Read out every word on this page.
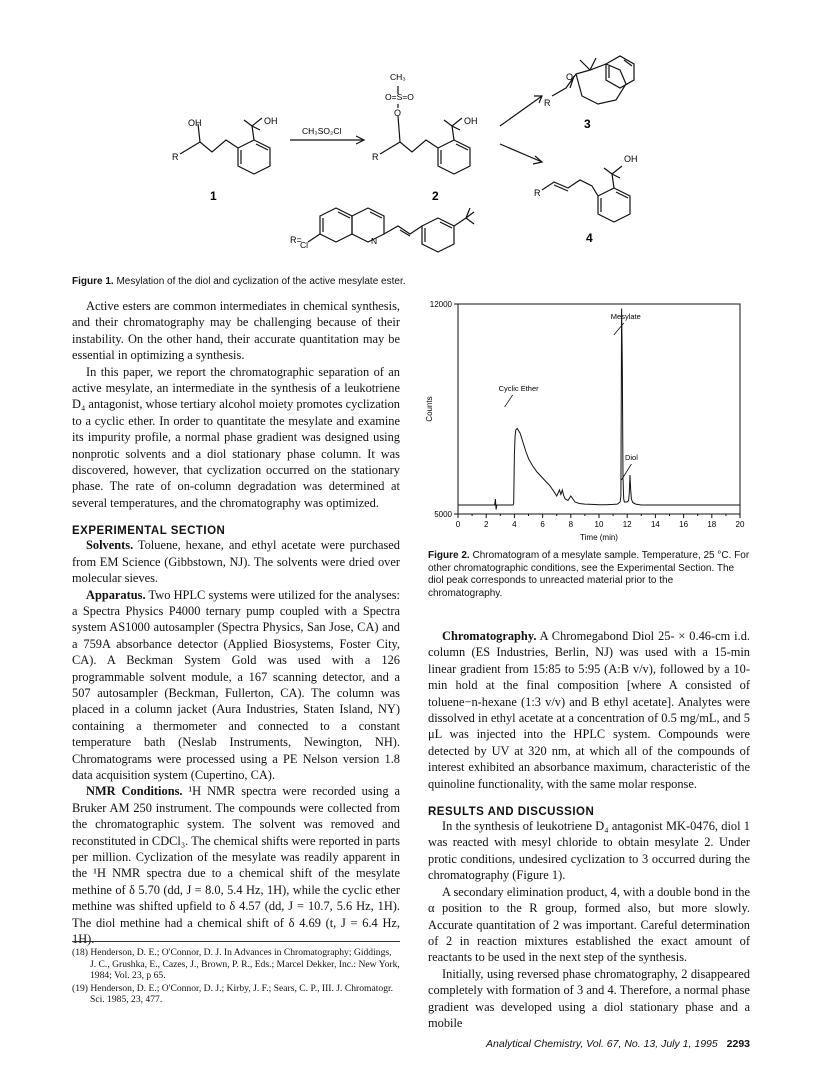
OH	OH
R
1
CH₃SO₂Cl
CH₃
O=S=O
O
OH
R
2
O
R
3
OH
R
4
R=
Cl	N
Figure 1. Mesylation of the diol and cyclization of the active mesylate ester.

Active esters are common intermediates in chemical synthesis, and their chromatography may be challenging because of their instability. On the other hand, their accurate quantitation may be essential in optimizing a synthesis.

In this paper, we report the chromatographic separation of an active mesylate, an intermediate in the synthesis of a leukotriene D₄ antagonist, whose tertiary alcohol moiety promotes cyclization to a cyclic ether. In order to quantitate the mesylate and examine its impurity profile, a normal phase gradient was designed using nonprotic solvents and a diol stationary phase column. It was discovered, however, that cyclization occurred on the stationary phase. The rate of on-column degradation was determined at several temperatures, and the chromatography was optimized.

EXPERIMENTAL SECTION

Solvents. Toluene, hexane, and ethyl acetate were purchased from EM Science (Gibbstown, NJ). The solvents were dried over molecular sieves.

Apparatus. Two HPLC systems were utilized for the analyses: a Spectra Physics P4000 ternary pump coupled with a Spectra system AS1000 autosampler (Spectra Physics, San Jose, CA) and a 759A absorbance detector (Applied Biosystems, Foster City, CA). A Beckman System Gold was used with a 126 programmable solvent module, a 167 scanning detector, and a 507 autosampler (Beckman, Fullerton, CA). The column was placed in a column jacket (Aura Industries, Staten Island, NY) containing a thermometer and connected to a constant temperature bath (Neslab Instruments, Newington, NH). Chromatograms were processed using a PE Nelson version 1.8 data acquisition system (Cupertino, CA).

NMR Conditions. ¹H NMR spectra were recorded using a Bruker AM 250 instrument. The compounds were collected from the chromatographic system. The solvent was removed and reconstituted in CDCl₃. The chemical shifts were reported in parts per million. Cyclization of the mesylate was readily apparent in the ¹H NMR spectra due to a chemical shift of the mesylate methine of δ 5.70 (dd, J = 8.0, 5.4 Hz, 1H), while the cyclic ether methine was shifted upfield to δ 4.57 (dd, J = 10.7, 5.6 Hz, 1H). The diol methine had a chemical shift of δ 4.69 (t, J = 6.4 Hz, 1H).

(18) Henderson, D. E.; O'Connor, D. J. In Advances in Chromatography; Giddings, J. C., Grushka, E., Cazes, J., Brown, P. R., Eds.; Marcel Dekker, Inc.: New York, 1984; Vol. 23, p 65.

(19) Henderson, D. E.; O'Connor, D. J.; Kirby, J. F.; Sears, C. P., III. J. Chromatogr. Sci. 1985, 23, 477.

0	2	4	6	8	10 12 14 16 18 20
5000
12000
Cyclic Ether
Mesylate
Diol
Time (min)
Counts
Figure 2. Chromatogram of a mesylate sample. Temperature, 25 °C. For other chromatographic conditions, see the Experimental Section. The diol peak corresponds to unreacted material prior to the chromatography.

Chromatography. A Chromegabond Diol 25- × 0.46-cm i.d. column (ES Industries, Berlin, NJ) was used with a 15-min linear gradient from 15:85 to 5:95 (A:B v/v), followed by a 10-min hold at the final composition [where A consisted of toluene−n-hexane (1:3 v/v) and B ethyl acetate]. Analytes were dissolved in ethyl acetate at a concentration of 0.5 mg/mL, and 5 μL was injected into the HPLC system. Compounds were detected by UV at 320 nm, at which all of the compounds of interest exhibited an absorbance maximum, characteristic of the quinoline functionality, with the same molar response.

RESULTS AND DISCUSSION

In the synthesis of leukotriene D₄ antagonist MK-0476, diol 1 was reacted with mesyl chloride to obtain mesylate 2. Under protic conditions, undesired cyclization to 3 occurred during the chromatography (Figure 1).

A secondary elimination product, 4, with a double bond in the α position to the R group, formed also, but more slowly. Accurate quantitation of 2 was important. Careful determination of 2 in reaction mixtures established the exact amount of reactants to be used in the next step of the synthesis.

Initially, using reversed phase chromatography, 2 disappeared completely with formation of 3 and 4. Therefore, a normal phase gradient was developed using a diol stationary phase and a mobile

Analytical Chemistry, Vol. 67, No. 13, July 1, 1995 2293
